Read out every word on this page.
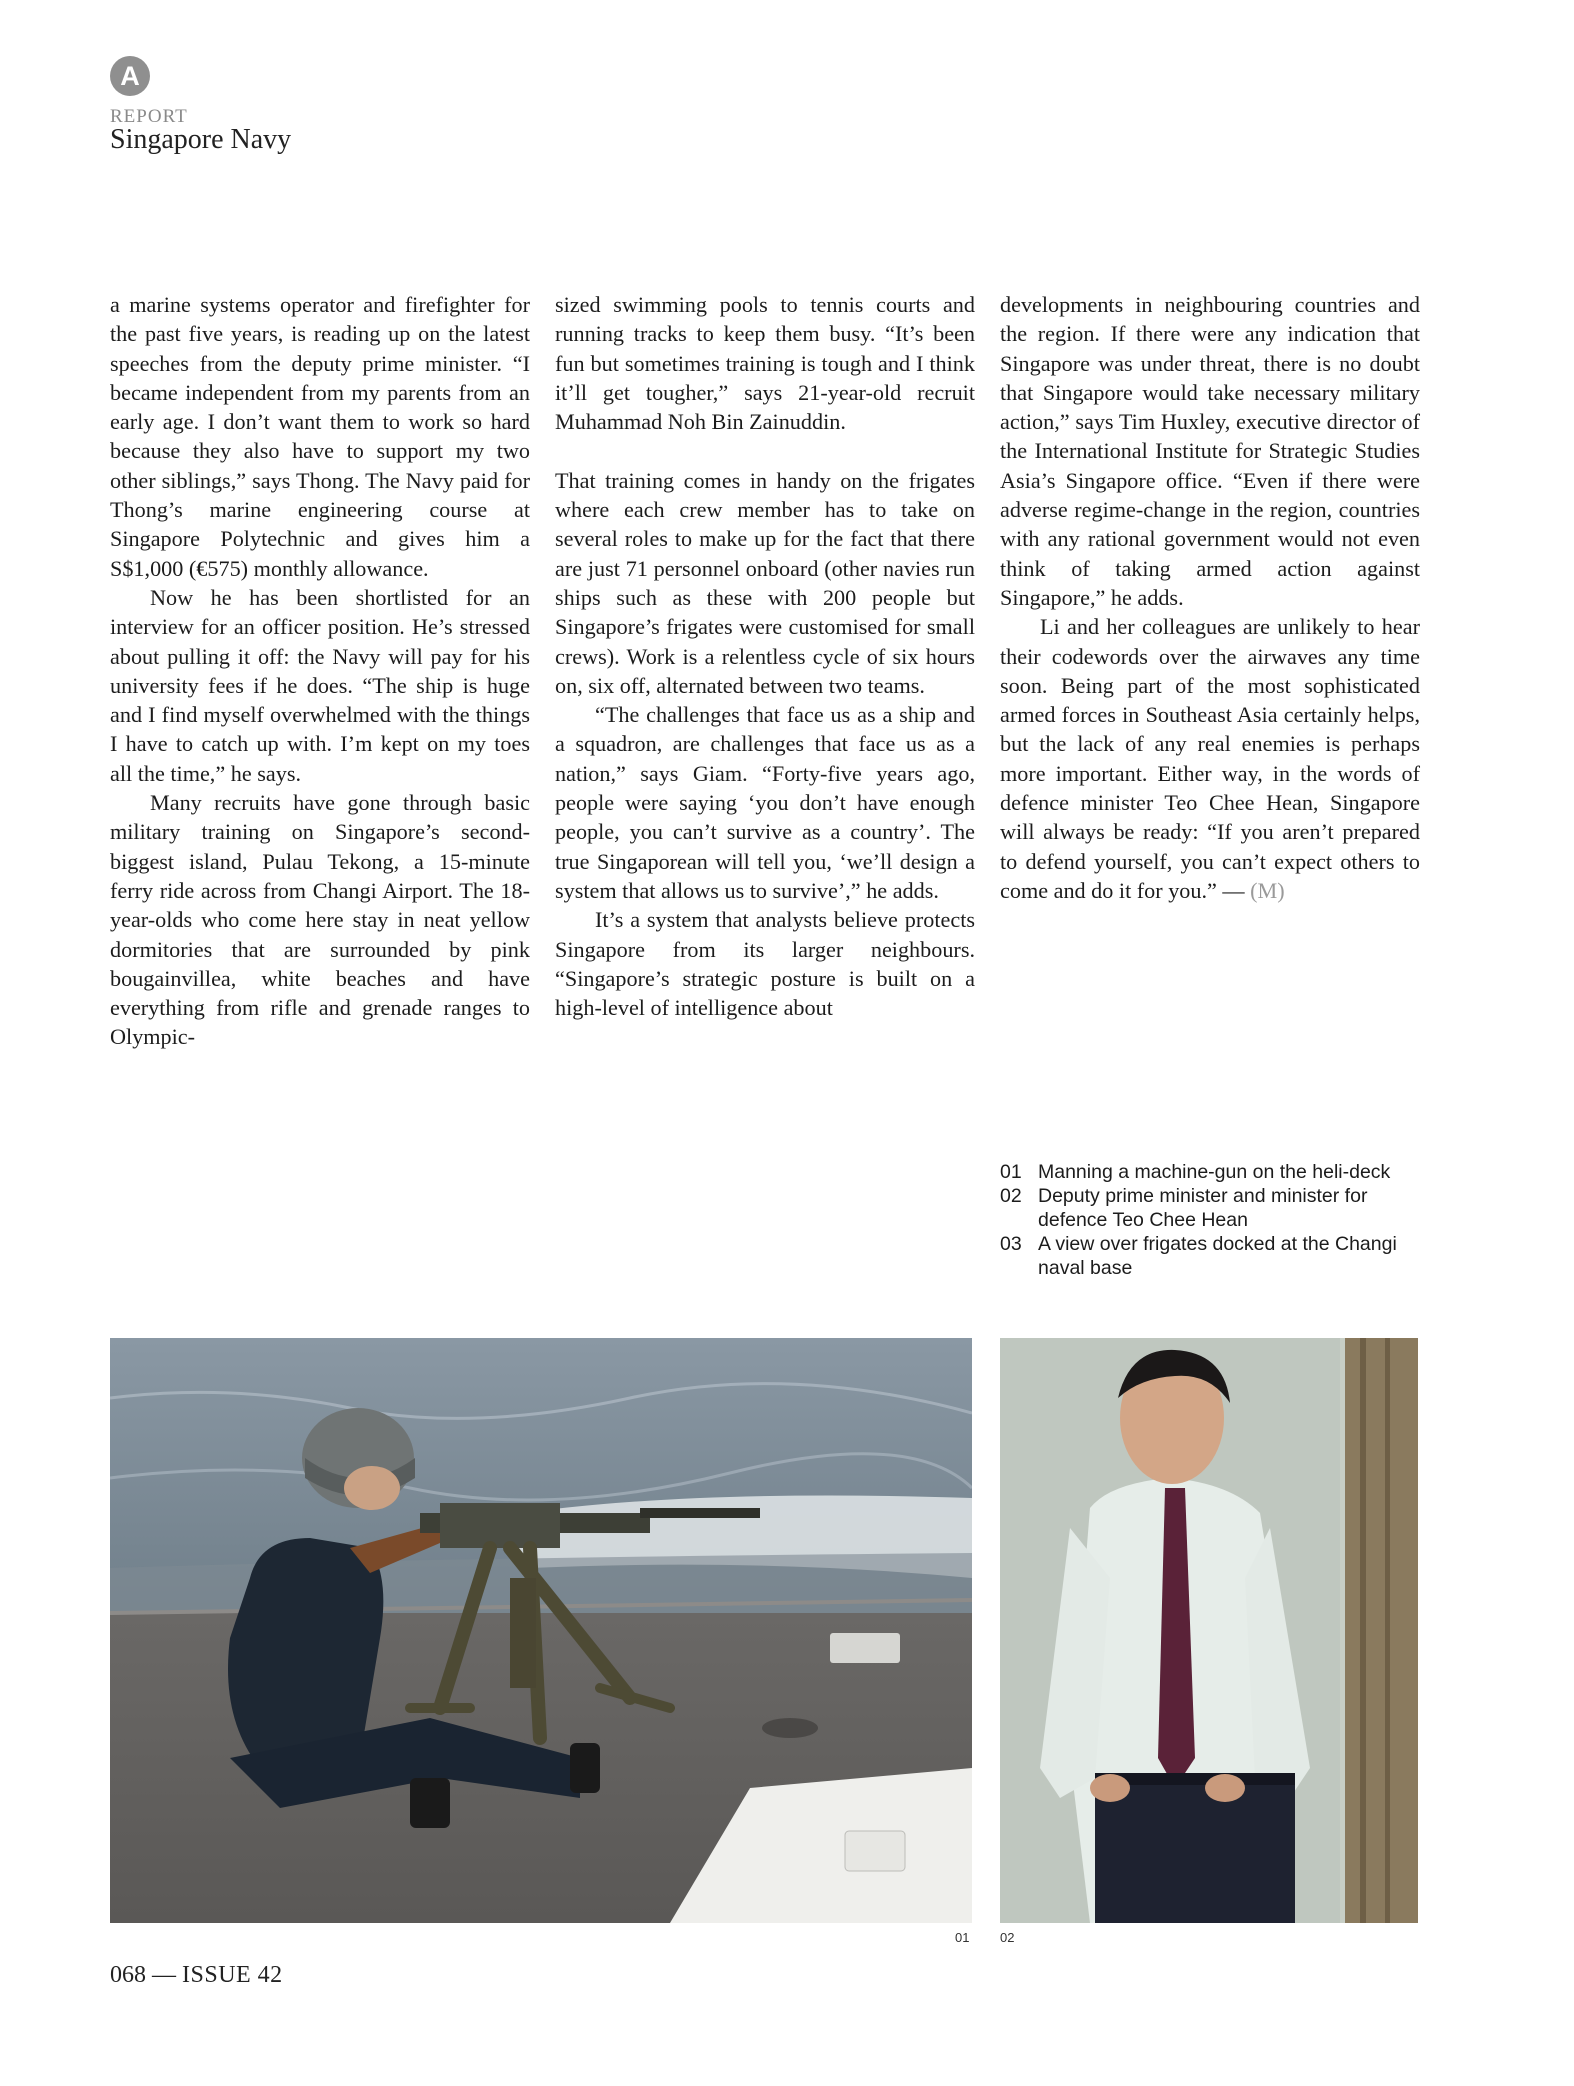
A
REPORT
Singapore Navy

a marine systems operator and firefighter for the past five years, is reading up on the latest speeches from the deputy prime minister. “I became independent from my parents from an early age. I don’t want them to work so hard because they also have to support my two other siblings,” says Thong. The Navy paid for Thong’s marine engineering course at Singapore Polytechnic and gives him a S$1,000 (€575) monthly allowance.

Now he has been shortlisted for an interview for an officer position. He’s stressed about pulling it off: the Navy will pay for his university fees if he does. “The ship is huge and I find myself overwhelmed with the things I have to catch up with. I’m kept on my toes all the time,” he says.

Many recruits have gone through basic military training on Singapore’s second-biggest island, Pulau Tekong, a 15-minute ferry ride across from Changi Airport. The 18-year-olds who come here stay in neat yellow dormitories that are surrounded by pink bougainvillea, white beaches and have everything from rifle and grenade ranges to Olympic-

sized swimming pools to tennis courts and running tracks to keep them busy. “It’s been fun but sometimes training is tough and I think it’ll get tougher,” says 21-year-old recruit Muhammad Noh Bin Zainuddin.

That training comes in handy on the frigates where each crew member has to take on several roles to make up for the fact that there are just 71 personnel onboard (other navies run ships such as these with 200 people but Singapore’s frigates were customised for small crews). Work is a relentless cycle of six hours on, six off, alternated between two teams.

“The challenges that face us as a ship and a squadron, are challenges that face us as a nation,” says Giam. “Forty-five years ago, people were saying ‘you don’t have enough people, you can’t survive as a country’. The true Singaporean will tell you, ‘we’ll design a system that allows us to survive’,” he adds.

It’s a system that analysts believe protects Singapore from its larger neighbours. “Singapore’s strategic posture is built on a high-level of intelligence about

developments in neighbouring countries and the region. If there were any indication that Singapore was under threat, there is no doubt that Singapore would take necessary military action,” says Tim Huxley, executive director of the International Institute for Strategic Studies Asia’s Singapore office. “Even if there were adverse regime-change in the region, countries with any rational government would not even think of taking armed action against Singapore,” he adds.

Li and her colleagues are unlikely to hear their codewords over the airwaves any time soon. Being part of the most sophisticated armed forces in Southeast Asia certainly helps, but the lack of any real enemies is perhaps more important. Either way, in the words of defence minister Teo Chee Hean, Singapore will always be ready: “If you aren’t prepared to defend yourself, you can’t expect others to come and do it for you.” — (M)

01 Manning a machine-gun on the heli-deck
02 Deputy prime minister and minister for defence Teo Chee Hean
03 A view over frigates docked at the Changi naval base
01 02
068 — ISSUE 42
